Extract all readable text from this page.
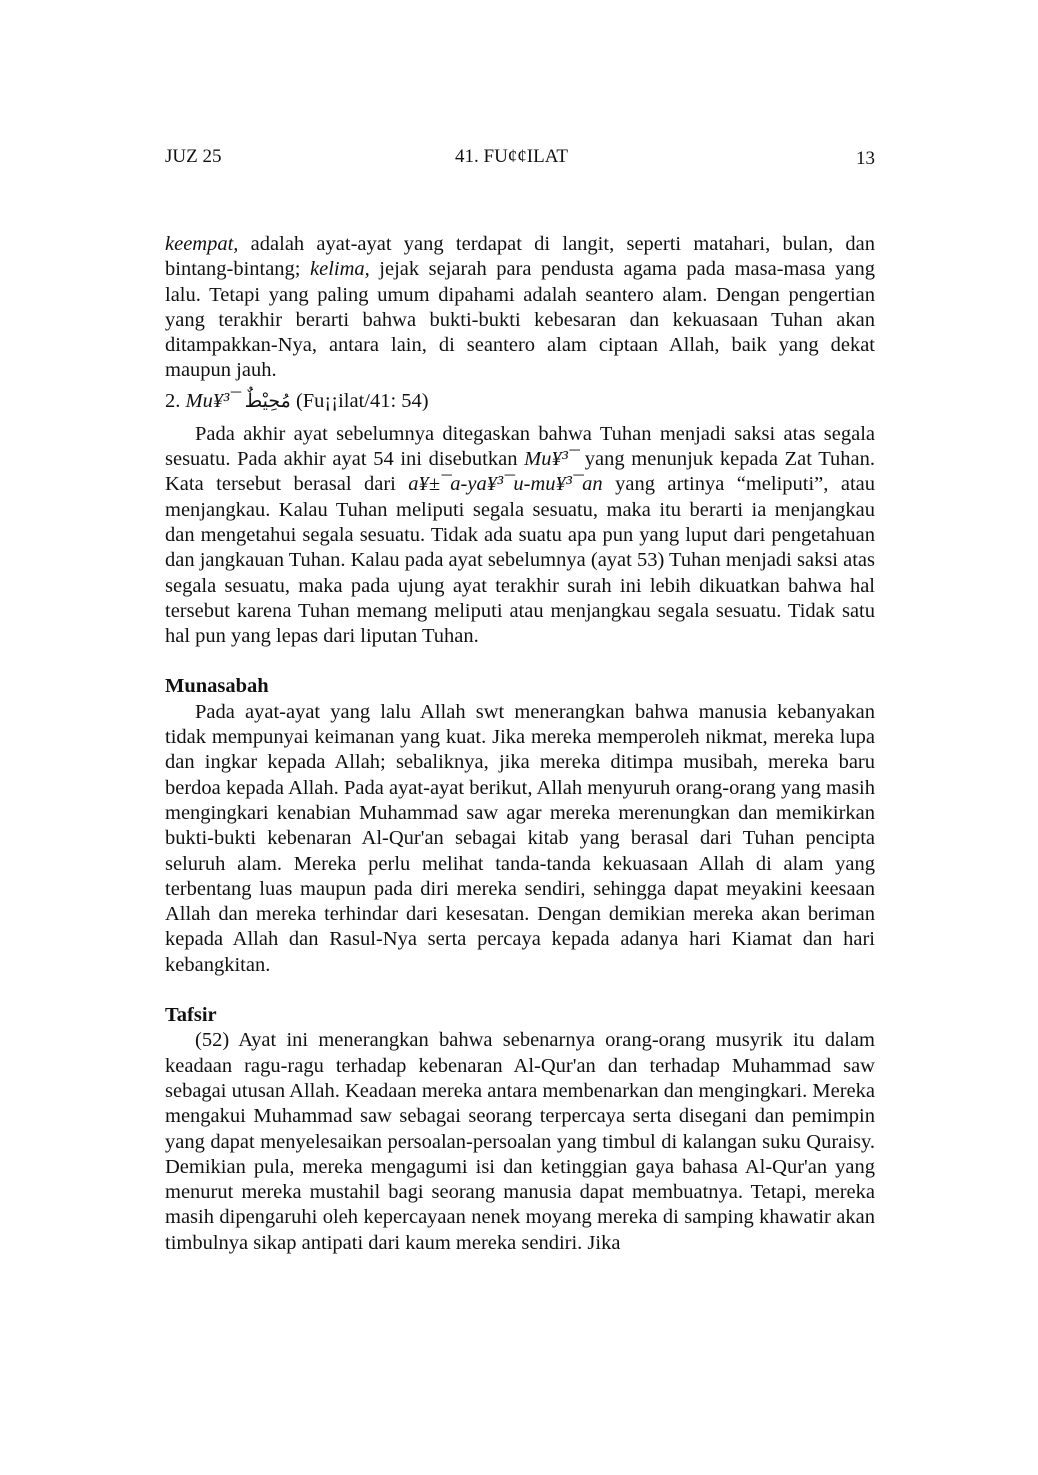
JUZ 25	41. FU¢¢ILAT	13

keempat, adalah ayat-ayat yang terdapat di langit, seperti matahari, bulan, dan bintang-bintang; kelima, jejak sejarah para pendusta agama pada masa-masa yang lalu. Tetapi yang paling umum dipahami adalah seantero alam. Dengan pengertian yang terakhir berarti bahwa bukti-bukti kebesaran dan kekuasaan Tuhan akan ditampakkan-Nya, antara lain, di seantero alam ciptaan Allah, baik yang dekat maupun jauh.

2. Mu¥³¯ مُحِيْطٌ (Fu¡¡ilat/41: 54)

Pada akhir ayat sebelumnya ditegaskan bahwa Tuhan menjadi saksi atas segala sesuatu. Pada akhir ayat 54 ini disebutkan Mu¥³¯ yang menunjuk kepada Zat Tuhan. Kata tersebut berasal dari a¥±¯a-ya¥³¯u-mu¥³¯an yang artinya “meliputi”, atau menjangkau. Kalau Tuhan meliputi segala sesuatu, maka itu berarti ia menjangkau dan mengetahui segala sesuatu. Tidak ada suatu apa pun yang luput dari pengetahuan dan jangkauan Tuhan. Kalau pada ayat sebelumnya (ayat 53) Tuhan menjadi saksi atas segala sesuatu, maka pada ujung ayat terakhir surah ini lebih dikuatkan bahwa hal tersebut karena Tuhan memang meliputi atau menjangkau segala sesuatu. Tidak satu hal pun yang lepas dari liputan Tuhan.

Munasabah

Pada ayat-ayat yang lalu Allah swt menerangkan bahwa manusia kebanyakan tidak mempunyai keimanan yang kuat. Jika mereka memperoleh nikmat, mereka lupa dan ingkar kepada Allah; sebaliknya, jika mereka ditimpa musibah, mereka baru berdoa kepada Allah. Pada ayat-ayat berikut, Allah menyuruh orang-orang yang masih mengingkari kenabian Muhammad saw agar mereka merenungkan dan memikirkan bukti-bukti kebenaran Al-Qur'an sebagai kitab yang berasal dari Tuhan pencipta seluruh alam. Mereka perlu melihat tanda-tanda kekuasaan Allah di alam yang terbentang luas maupun pada diri mereka sendiri, sehingga dapat meyakini keesaan Allah dan mereka terhindar dari kesesatan. Dengan demikian mereka akan beriman kepada Allah dan Rasul-Nya serta percaya kepada adanya hari Kiamat dan hari kebangkitan.

Tafsir

(52) Ayat ini menerangkan bahwa sebenarnya orang-orang musyrik itu dalam keadaan ragu-ragu terhadap kebenaran Al-Qur'an dan terhadap Muhammad saw sebagai utusan Allah. Keadaan mereka antara membenarkan dan mengingkari. Mereka mengakui Muhammad saw sebagai seorang terpercaya serta disegani dan pemimpin yang dapat menyelesaikan persoalan-persoalan yang timbul di kalangan suku Quraisy. Demikian pula, mereka mengagumi isi dan ketinggian gaya bahasa Al-Qur'an yang menurut mereka mustahil bagi seorang manusia dapat membuatnya. Tetapi, mereka masih dipengaruhi oleh kepercayaan nenek moyang mereka di samping khawatir akan timbulnya sikap antipati dari kaum mereka sendiri. Jika
